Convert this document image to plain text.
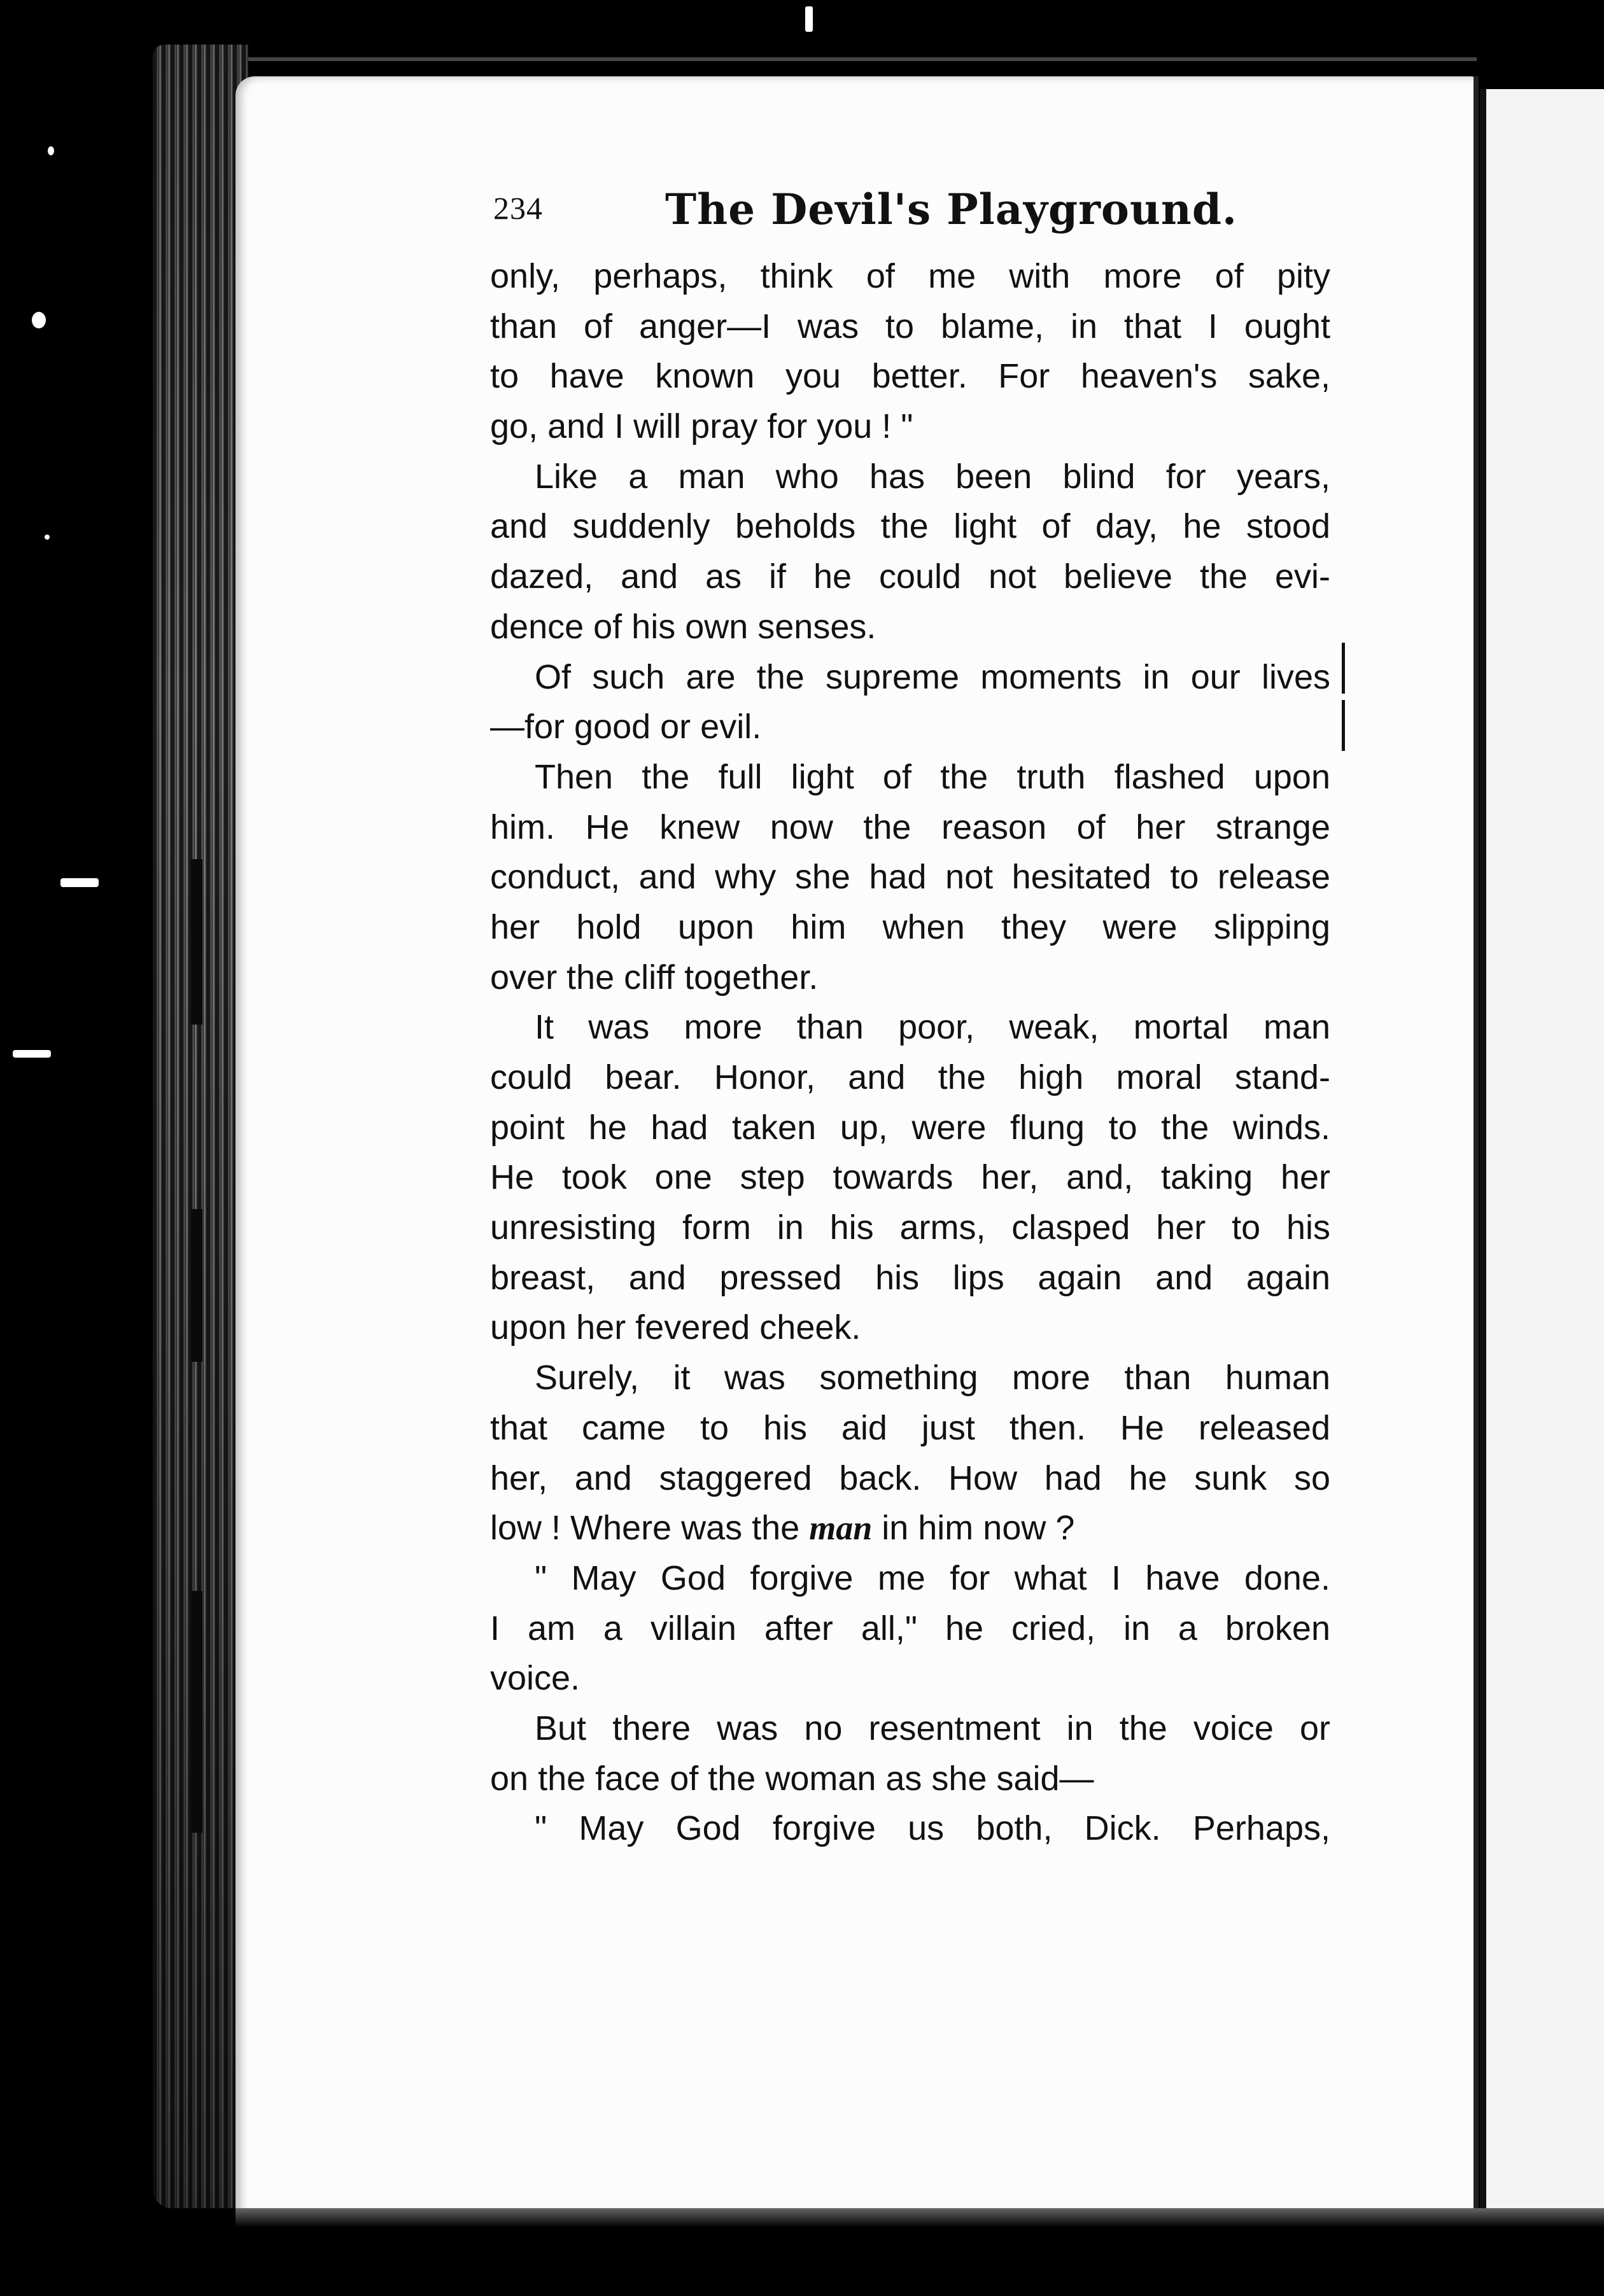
234	The Devil's Playground.
only, perhaps, think of me with more of pity
than of anger—I was to blame, in that I ought
to have known you better. For heaven's sake,
go, and I will pray for you ! "
Like a man who has been blind for years,
and suddenly beholds the light of day, he stood
dazed, and as if he could not believe the evi-
dence of his own senses.
Of such are the supreme moments in our lives
—for good or evil.
Then the full light of the truth flashed upon
him. He knew now the reason of her strange
conduct, and why she had not hesitated to release
her hold upon him when they were slipping
over the cliff together.
It was more than poor, weak, mortal man
could bear. Honor, and the high moral stand-
point he had taken up, were flung to the winds.
He took one step towards her, and, taking her
unresisting form in his arms, clasped her to his
breast, and pressed his lips again and again
upon her fevered cheek.
Surely, it was something more than human
that came to his aid just then. He released
her, and staggered back. How had he sunk so
low ! Where was the man in him now ?
" May God forgive me for what I have done.
I am a villain after all," he cried, in a broken
voice.
But there was no resentment in the voice or
on the face of the woman as she said—
" May God forgive us both, Dick. Perhaps,
